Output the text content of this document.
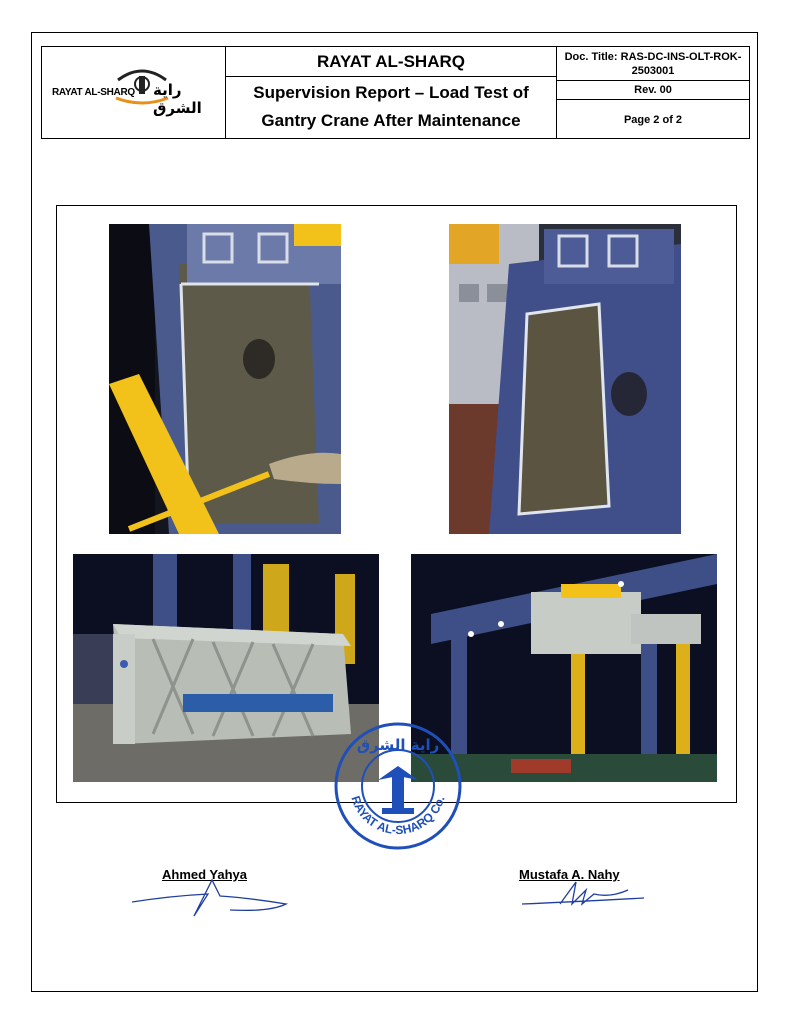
RAYAT AL-SHARQ راية الشرق

RAYAT AL-SHARQ
Supervision Report – Load Test of
Gantry Crane After Maintenance

Doc. Title: RAS-DC-INS-OLT-ROK-
2503001
Rev. 00
Page 2 of 2
راية الشرق
RAYAT AL-SHARQ Co.
Ahmed Yahya	Mustafa A. Nahy
